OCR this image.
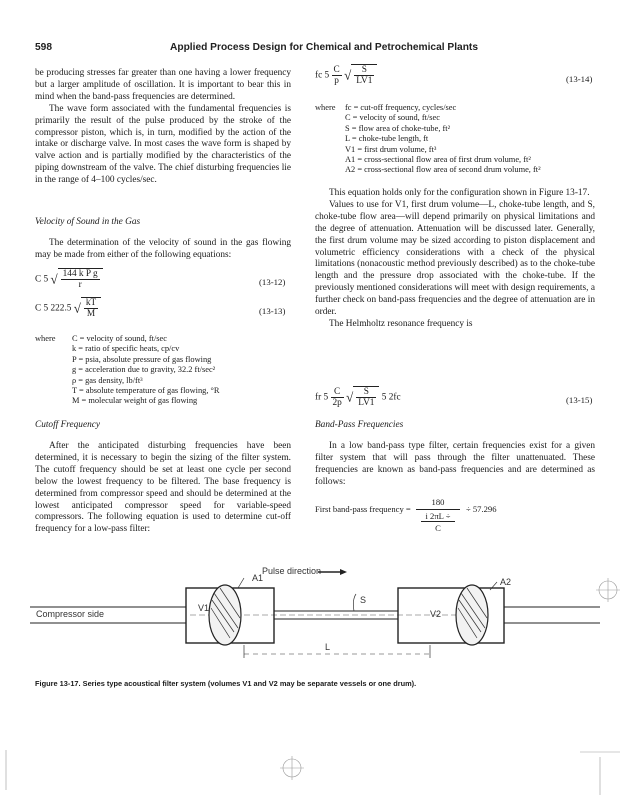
598	Applied Process Design for Chemical and Petrochemical Plants

be producing stresses far greater than one having a lower frequency but a larger amplitude of oscillation. It is important to bear this in mind when the band-pass frequencies are determined.

The wave form associated with the fundamental frequencies is primarily the result of the pulse produced by the stroke of the compressor piston, which is, in turn, modified by the action of the intake or discharge valve. In most cases the wave form is shaped by valve action and is partially modified by the characteristics of the piping downstream of the valve. The chief disturbing frequencies lie in the range of 4–100 cycles/sec.

Velocity of Sound in the Gas

The determination of the velocity of sound in the gas flowing may be made from either of the following equations:

C 5 √ $\frac{\text{144 k P g}}{r}$	(13-12)
C 5 222.5 √ $\frac{kT}{M}$	(13-13)
where C = velocity of sound, ft/sec
k = ratio of specific heats, cp/cv
P = psia, absolute pressure of gas flowing
g = acceleration due to gravity, 32.2 ft/sec²
ρ = gas density, lb/ft³
T = absolute temperature of gas flowing, °R
M = molecular weight of gas flowing
Cutoff Frequency

After the anticipated disturbing frequencies have been determined, it is necessary to begin the sizing of the filter system. The cutoff frequency should be set at least one cycle per second below the lowest frequency to be filtered. The base frequency is determined from compressor speed and should be determined at the lowest anticipated compressor speed for variable-speed compressors. The following equation is used to determine cut-off frequency for a low-pass filter:

fc $5 \frac{C}{p}$ √ $\frac{S}{LV1}$	(13-14)
where fc = cut-off frequency, cycles/sec
C = velocity of sound, ft/sec
S = flow area of choke-tube, ft²
L = choke-tube length, ft
V1 = first drum volume, ft³
A1 = cross-sectional flow area of first drum volume, ft²
A2 = cross-sectional flow area of second drum volume, ft²

This equation holds only for the configuration shown in Figure 13-17.

Values to use for V1, first drum volume—L, choke-tube length, and S, choke-tube flow area—will depend primarily on physical limitations and the degree of attenuation. Attenuation will be discussed later. Generally, the first drum volume may be sized according to piston displacement and volumetric efficiency considerations with a check of the physical limitations (nonacoustic method previously described) as to the choke-tube length and the pressure drop associated with the choke-tube. If the previously mentioned considerations will meet with design requirements, a further check on band-pass frequencies and the degree of attenuation are in order.

The Helmholtz resonance frequency is

fr $5 \frac{C}{2p}$ √ $\frac{S}{LV1} 5$ 2fc	(13-15)
Band-Pass Frequencies

In a low band-pass type filter, certain frequencies exist for a given filter system that will pass through the filter unattenuated. These frequencies are known as band-pass frequencies and are determined as follows:

First band-pass frequency =
180
i 2πL ÷
C
÷ 57.296
Pulse direction
Compressor side
V1
A1
S
V2
A2
L
Figure 13-17. Series type acoustical filter system (volumes V1 and V2 may be separate vessels or one drum).
